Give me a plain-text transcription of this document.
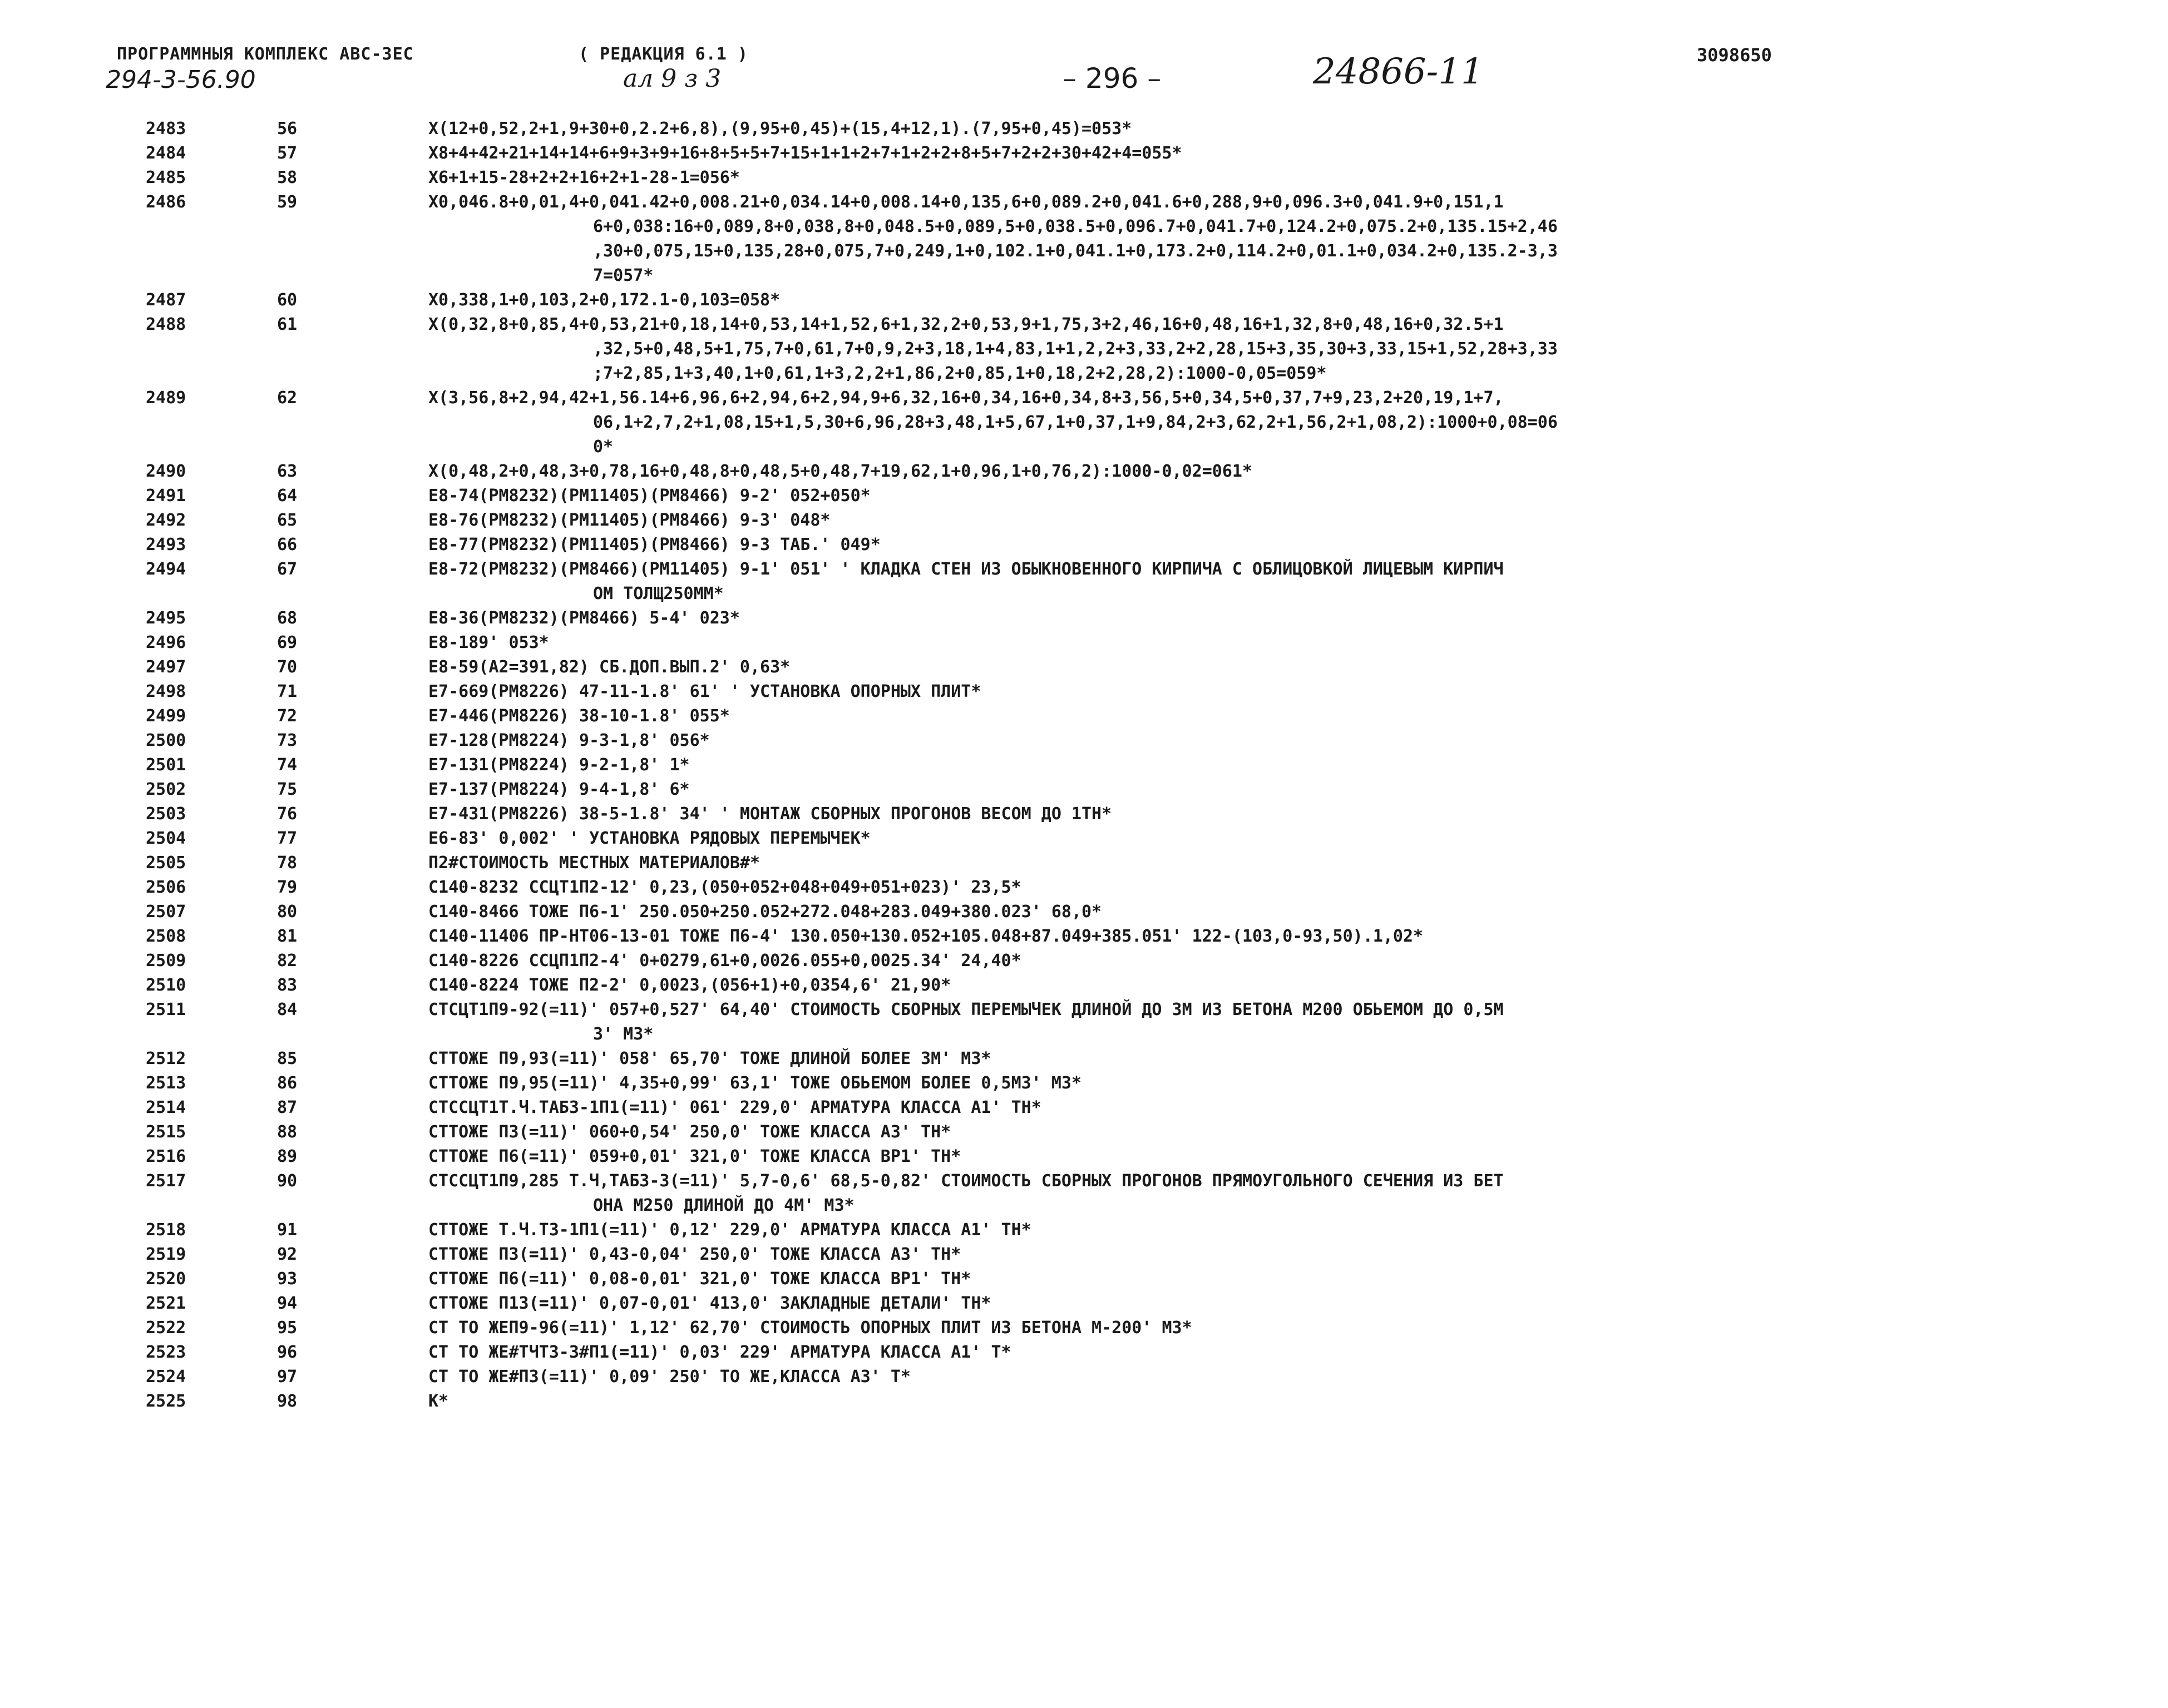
ПРОГРАММНЫЯ КОМПЛЕКС АВС-3ЕС	( РЕДАКЦИЯ 6.1 )
294-3-56.90	ал 9 з 3	– 296 –	24866-11	3098650
2483	56	X(12+0,52,2+1,9+30+0,2.2+6,8),(9,95+0,45)+(15,4+12,1).(7,95+0,45)=053*
2484	57	X8+4+42+21+14+14+6+9+3+9+16+8+5+5+7+15+1+1+2+7+1+2+2+8+5+7+2+2+30+42+4=055*
2485	58	X6+1+15-28+2+2+16+2+1-28-1=056*
2486	59	X0,046.8+0,01,4+0,041.42+0,008.21+0,034.14+0,008.14+0,135,6+0,089.2+0,041.6+0,288,9+0,096.3+0,041.9+0,151,1
6+0,038:16+0,089,8+0,038,8+0,048.5+0,089,5+0,038.5+0,096.7+0,041.7+0,124.2+0,075.2+0,135.15+2,46
,30+0,075,15+0,135,28+0,075,7+0,249,1+0,102.1+0,041.1+0,173.2+0,114.2+0,01.1+0,034.2+0,135.2-3,3
7=057*
2487	60	X0,338,1+0,103,2+0,172.1-0,103=058*
2488	61	X(0,32,8+0,85,4+0,53,21+0,18,14+0,53,14+1,52,6+1,32,2+0,53,9+1,75,3+2,46,16+0,48,16+1,32,8+0,48,16+0,32.5+1
,32,5+0,48,5+1,75,7+0,61,7+0,9,2+3,18,1+4,83,1+1,2,2+3,33,2+2,28,15+3,35,30+3,33,15+1,52,28+3,33
;7+2,85,1+3,40,1+0,61,1+3,2,2+1,86,2+0,85,1+0,18,2+2,28,2):1000-0,05=059*
2489	62	X(3,56,8+2,94,42+1,56.14+6,96,6+2,94,6+2,94,9+6,32,16+0,34,16+0,34,8+3,56,5+0,34,5+0,37,7+9,23,2+20,19,1+7,
06,1+2,7,2+1,08,15+1,5,30+6,96,28+3,48,1+5,67,1+0,37,1+9,84,2+3,62,2+1,56,2+1,08,2):1000+0,08=06
0*
2490	63	X(0,48,2+0,48,3+0,78,16+0,48,8+0,48,5+0,48,7+19,62,1+0,96,1+0,76,2):1000-0,02=061*
2491	64	E8-74(PM8232)(PM11405)(PM8466) 9-2' 052+050*
2492	65	E8-76(PM8232)(PM11405)(PM8466) 9-3' 048*
2493	66	E8-77(PM8232)(PM11405)(PM8466) 9-3 ТАБ.' 049*
2494	67	E8-72(PM8232)(PM8466)(PM11405) 9-1' 051' ' КЛАДКА СТЕН ИЗ ОБЫКНОВЕННОГО КИРПИЧА С ОБЛИЦОВКОЙ ЛИЦЕВЫМ КИРПИЧ
ОМ ТОЛЩ250ММ*
2495	68	E8-36(PM8232)(PM8466) 5-4' 023*
2496	69	E8-189' 053*
2497	70	E8-59(A2=391,82) СБ.ДОП.ВЫП.2' 0,63*
2498	71	E7-669(PM8226) 47-11-1.8' 61' ' УСТАНОВКА ОПОРНЫХ ПЛИТ*
2499	72	E7-446(PM8226) 38-10-1.8' 055*
2500	73	E7-128(PM8224) 9-3-1,8' 056*
2501	74	E7-131(PM8224) 9-2-1,8' 1*
2502	75	E7-137(PM8224) 9-4-1,8' 6*
2503	76	E7-431(PM8226) 38-5-1.8' 34' ' МОНТАЖ СБОРНЫХ ПРОГОНОВ ВЕСОМ ДО 1ТН*
2504	77	E6-83' 0,002' ' УСТАНОВКА РЯДОВЫХ ПЕРЕМЫЧЕК*
2505	78	П2#СТОИМОСТЬ МЕСТНЫХ МАТЕРИАЛОВ#*
2506	79	C140-8232 ССЦТ1П2-12' 0,23,(050+052+048+049+051+023)' 23,5*
2507	80	C140-8466 ТОЖЕ П6-1' 250.050+250.052+272.048+283.049+380.023' 68,0*
2508	81	C140-11406 ПР-НТ06-13-01 ТОЖЕ П6-4' 130.050+130.052+105.048+87.049+385.051' 122-(103,0-93,50).1,02*
2509	82	C140-8226 ССЦП1П2-4' 0+0279,61+0,0026.055+0,0025.34' 24,40*
2510	83	C140-8224 ТОЖЕ П2-2' 0,0023,(056+1)+0,0354,6' 21,90*
2511	84	СТСЦТ1П9-92(=11)' 057+0,527' 64,40' СТОИМОСТЬ СБОРНЫХ ПЕРЕМЫЧЕК ДЛИНОЙ ДО 3М ИЗ БЕТОНА М200 ОБЬЕМОМ ДО 0,5М
3' М3*
2512	85	СТТОЖЕ П9,93(=11)' 058' 65,70' ТОЖЕ ДЛИНОЙ БОЛЕЕ 3М' М3*
2513	86	СТТОЖЕ П9,95(=11)' 4,35+0,99' 63,1' ТОЖЕ ОБЬЕМОМ БОЛЕЕ 0,5М3' М3*
2514	87	СТССЦТ1Т.Ч.ТАБ3-1П1(=11)' 061' 229,0' АРМАТУРА КЛАССА А1' ТН*
2515	88	СТТОЖЕ П3(=11)' 060+0,54' 250,0' ТОЖЕ КЛАССА А3' ТН*
2516	89	СТТОЖЕ П6(=11)' 059+0,01' 321,0' ТОЖЕ КЛАССА ВР1' ТН*
2517	90	СТССЦТ1П9,285 Т.Ч,ТАБ3-3(=11)' 5,7-0,6' 68,5-0,82' СТОИМОСТЬ СБОРНЫХ ПРОГОНОВ ПРЯМОУГОЛЬНОГО СЕЧЕНИЯ ИЗ БЕТ
ОНА М250 ДЛИНОЙ ДО 4М' М3*
2518	91	СТТОЖЕ Т.Ч.Т3-1П1(=11)' 0,12' 229,0' АРМАТУРА КЛАССА А1' ТН*
2519	92	СТТОЖЕ П3(=11)' 0,43-0,04' 250,0' ТОЖЕ КЛАССА А3' ТН*
2520	93	СТТОЖЕ П6(=11)' 0,08-0,01' 321,0' ТОЖЕ КЛАССА ВР1' ТН*
2521	94	СТТОЖЕ П13(=11)' 0,07-0,01' 413,0' ЗАКЛАДНЫЕ ДЕТАЛИ' ТН*
2522	95	СТ ТО ЖЕП9-96(=11)' 1,12' 62,70' СТОИМОСТЬ ОПОРНЫХ ПЛИТ ИЗ БЕТОНА М-200' М3*
2523	96	СТ ТО ЖЕ#ТЧТ3-3#П1(=11)' 0,03' 229' АРМАТУРА КЛАССА А1' Т*
2524	97	СТ ТО ЖЕ#П3(=11)' 0,09' 250' ТО ЖЕ,КЛАССА А3' Т*
2525	98	К*
